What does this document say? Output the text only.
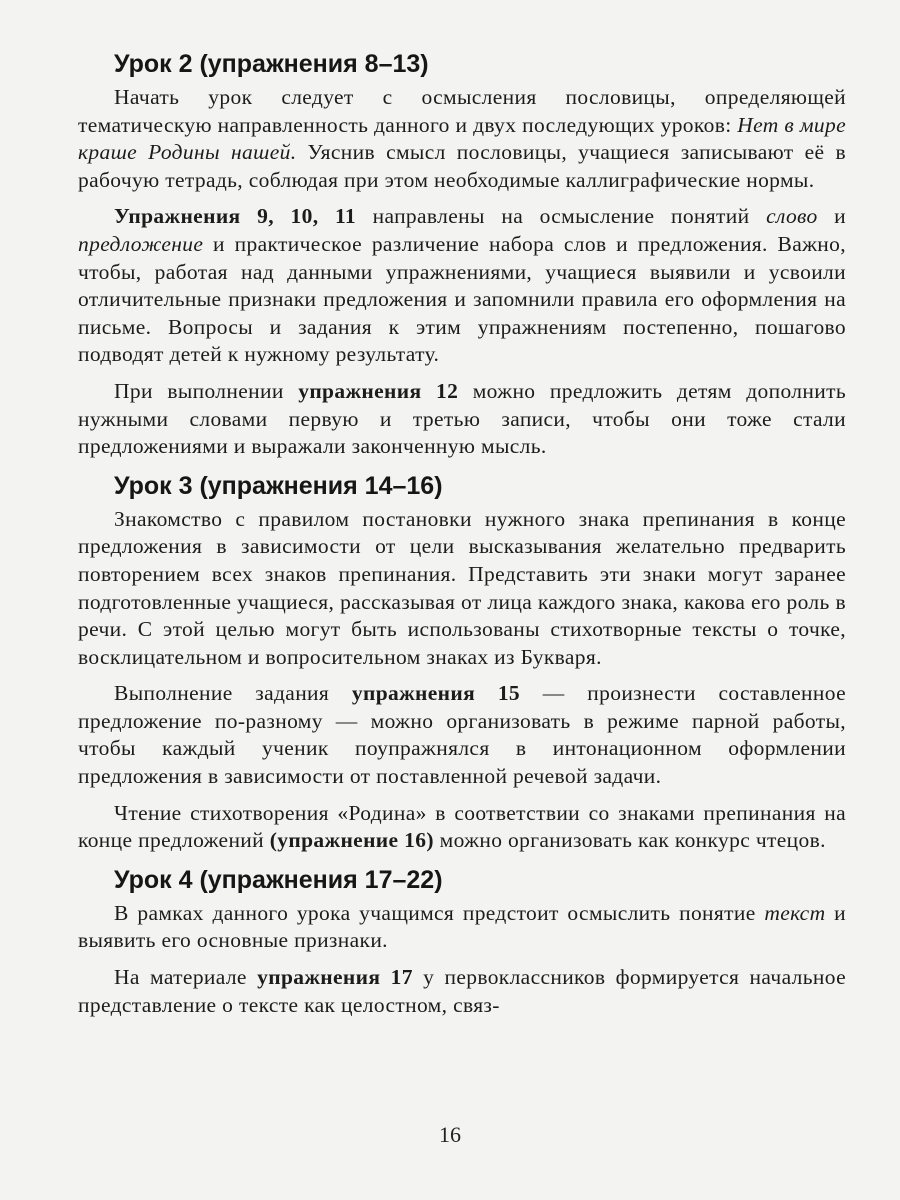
Урок 2 (упражнения 8–13)

Начать урок следует с осмысления пословицы, определяющей тематическую направленность данного и двух последующих уроков: Нет в мире краше Родины нашей. Уяснив смысл пословицы, учащиеся записывают её в рабочую тетрадь, соблюдая при этом необходимые каллиграфические нормы.

Упражнения 9, 10, 11 направлены на осмысление понятий слово и предложение и практическое различение набора слов и предложения. Важно, чтобы, работая над данными упражнениями, учащиеся выявили и усвоили отличительные признаки предложения и запомнили правила его оформления на письме. Вопросы и задания к этим упражнениям постепенно, пошагово подводят детей к нужному результату.

При выполнении упражнения 12 можно предложить детям дополнить нужными словами первую и третью записи, чтобы они тоже стали предложениями и выражали законченную мысль.

Урок 3 (упражнения 14–16)

Знакомство с правилом постановки нужного знака препинания в конце предложения в зависимости от цели высказывания желательно предварить повторением всех знаков препинания. Представить эти знаки могут заранее подготовленные учащиеся, рассказывая от лица каждого знака, какова его роль в речи. С этой целью могут быть использованы стихотворные тексты о точке, восклицательном и вопросительном знаках из Букваря.

Выполнение задания упражнения 15 — произнести составленное предложение по-разному — можно организовать в режиме парной работы, чтобы каждый ученик поупражнялся в интонационном оформлении предложения в зависимости от поставленной речевой задачи.

Чтение стихотворения «Родина» в соответствии со знаками препинания на конце предложений (упражнение 16) можно организовать как конкурс чтецов.

Урок 4 (упражнения 17–22)

В рамках данного урока учащимся предстоит осмыслить понятие текст и выявить его основные признаки.

На материале упражнения 17 у первоклассников формируется начальное представление о тексте как целостном, связ-

16
